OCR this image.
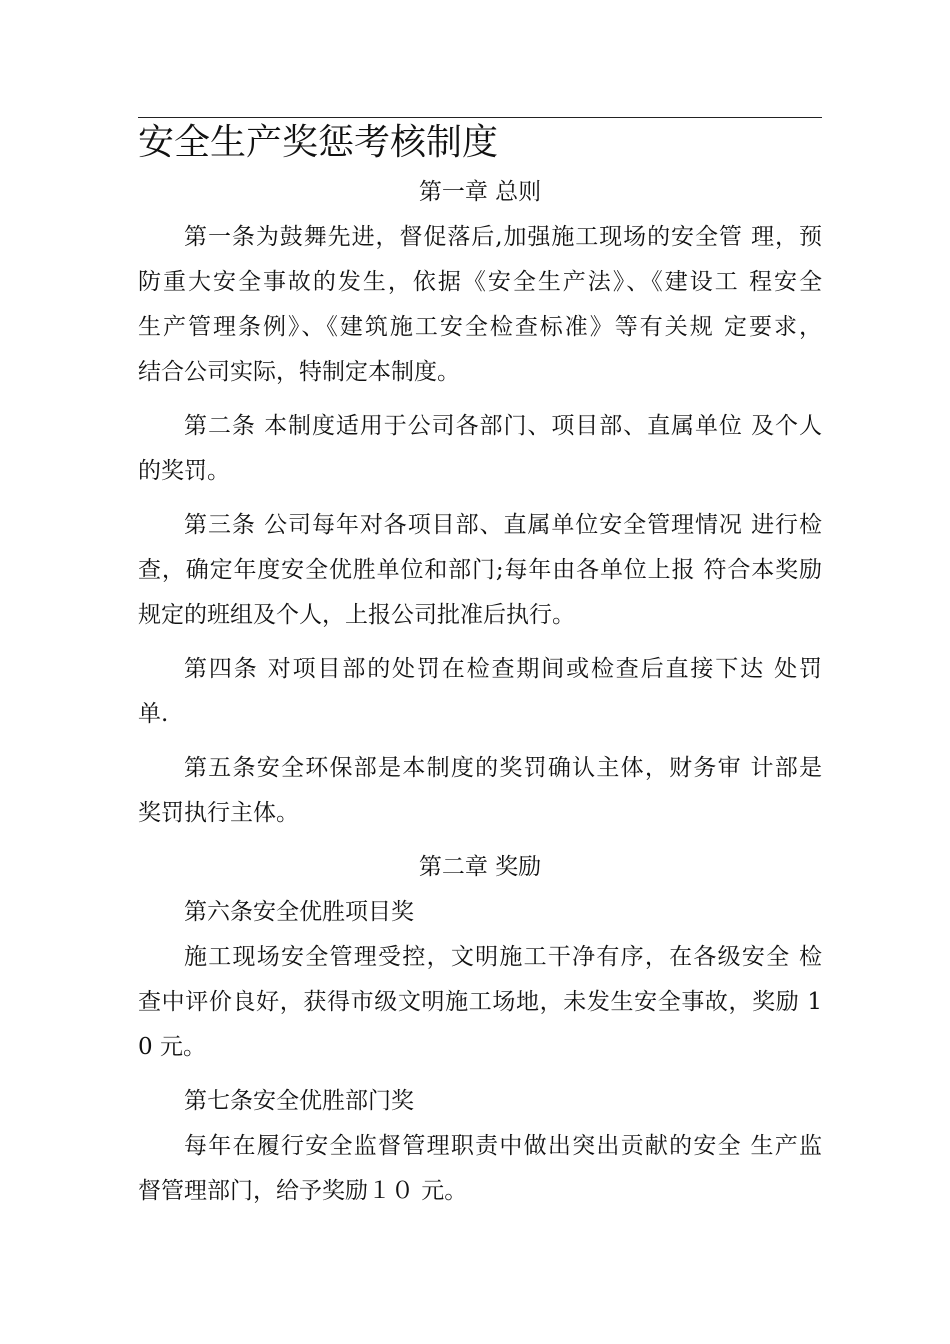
安全生产奖惩考核制度
第一章 总则
第一条为鼓舞先进，督促落后,加强施工现场的安全管 理，预
防重大安全事故的发生，依据《安全生产法》、《建设工 程安全
生产管理条例》、《建筑施工安全检查标准》等有关规 定要求，
结合公司实际，特制定本制度。
第二条 本制度适用于公司各部门、项目部、直属单位 及个人
的奖罚。
第三条 公司每年对各项目部、直属单位安全管理情况 进行检
查，确定年度安全优胜单位和部门;每年由各单位上报 符合本奖励
规定的班组及个人，上报公司批准后执行。
第四条 对项目部的处罚在检查期间或检查后直接下达 处罚
单.
第五条安全环保部是本制度的奖罚确认主体，财务审 计部是
奖罚执行主体。
第二章 奖励
第六条安全优胜项目奖
施工现场安全管理受控，文明施工干净有序，在各级安全 检
查中评价良好，获得市级文明施工场地，未发生安全事故，奖励 1
0 元。
第七条安全优胜部门奖
每年在履行安全监督管理职责中做出突出贡献的安全 生产监
督管理部门，给予奖励１０ 元。
